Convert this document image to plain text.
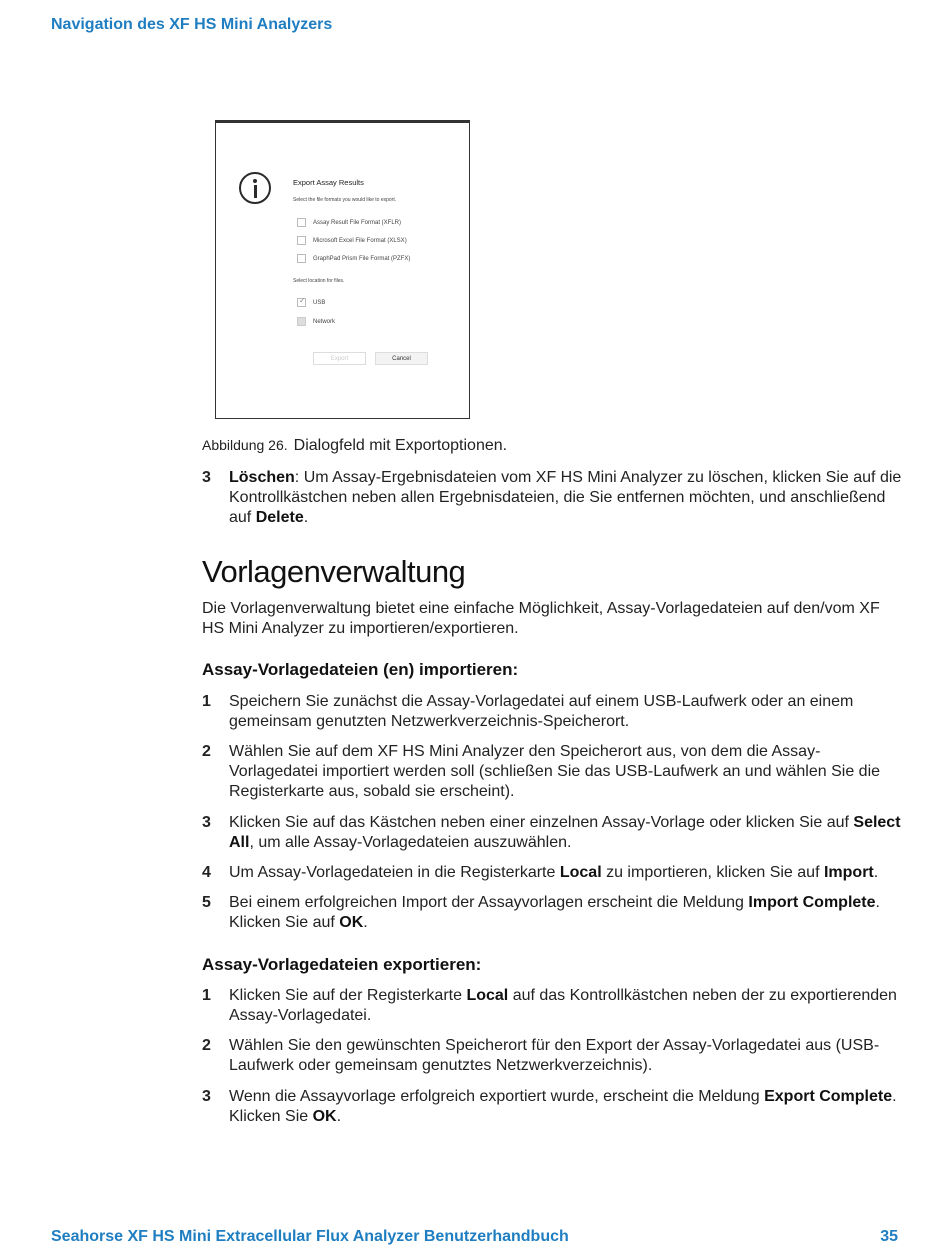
Navigation des XF HS Mini Analyzers
Export Assay Results
Select the file formats you would like to export.
Assay Result File Format (XFLR)
Microsoft Excel File Format (XLSX)
GraphPad Prism File Format (PZFX)
Select location for files.
✓
USB
Network
Export	Cancel
Abbildung 26. Dialogfeld mit Exportoptionen.
3	Löschen: Um Assay-Ergebnisdateien vom XF HS Mini Analyzer zu löschen, klicken Sie auf die Kontrollkästchen neben allen Ergebnisdateien, die Sie entfernen möchten, und anschließend auf Delete.
Vorlagenverwaltung
Die Vorlagenverwaltung bietet eine einfache Möglichkeit, Assay-Vorlagedateien auf den/vom XF HS Mini Analyzer zu importieren/exportieren.
Assay-Vorlagedateien (en) importieren:
1	Speichern Sie zunächst die Assay-Vorlagedatei auf einem USB-Laufwerk oder an einem gemeinsam genutzten Netzwerkverzeichnis-Speicherort.
2	Wählen Sie auf dem XF HS Mini Analyzer den Speicherort aus, von dem die Assay-Vorlagedatei importiert werden soll (schließen Sie das USB-Laufwerk an und wählen Sie die Registerkarte aus, sobald sie erscheint).
3	Klicken Sie auf das Kästchen neben einer einzelnen Assay-Vorlage oder klicken Sie auf Select All, um alle Assay-Vorlagedateien auszuwählen.
4	Um Assay-Vorlagedateien in die Registerkarte Local zu importieren, klicken Sie auf Import.
5	Bei einem erfolgreichen Import der Assayvorlagen erscheint die Meldung Import Complete. Klicken Sie auf OK.
Assay-Vorlagedateien exportieren:
1	Klicken Sie auf der Registerkarte Local auf das Kontrollkästchen neben der zu exportierenden Assay-Vorlagedatei.
2	Wählen Sie den gewünschten Speicherort für den Export der Assay-Vorlagedatei aus (USB-Laufwerk oder gemeinsam genutztes Netzwerkverzeichnis).
3	Wenn die Assayvorlage erfolgreich exportiert wurde, erscheint die Meldung Export Complete. Klicken Sie OK.
Seahorse XF HS Mini Extracellular Flux Analyzer Benutzerhandbuch	35
